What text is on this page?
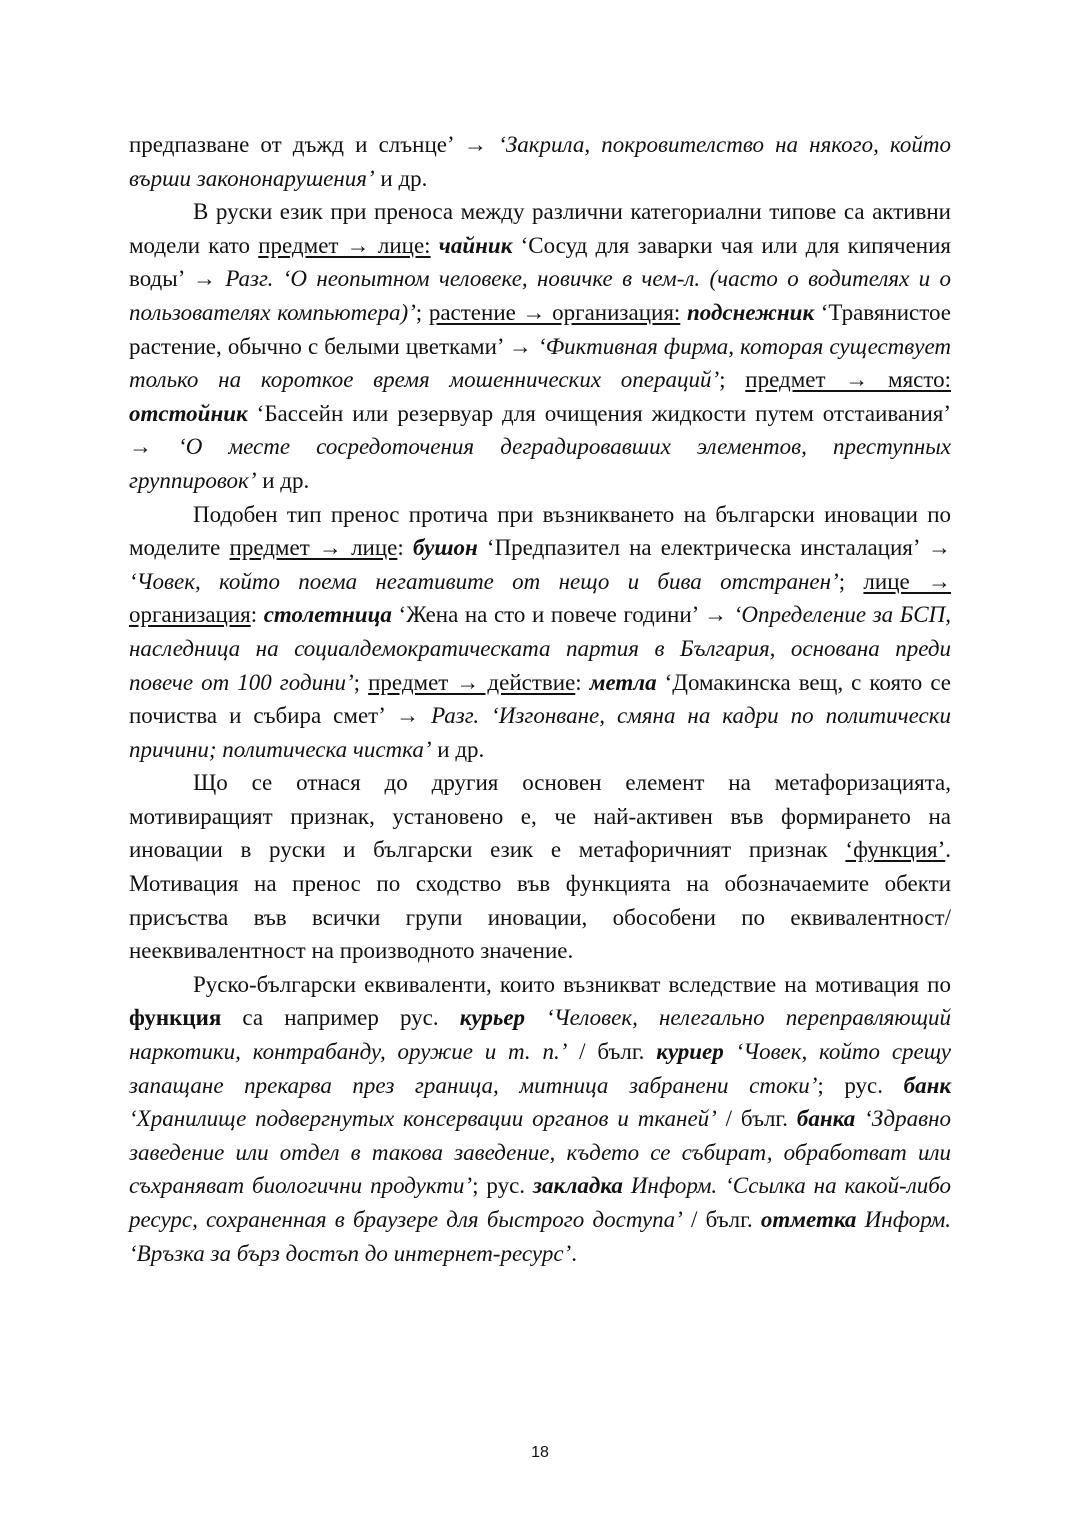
предпазване от дъжд и слънце’ → ‘Закрила, покровителство на някого, който върши закононарушения’ и др.

В руски език при преноса между различни категориални типове са активни модели като предмет → лице: чайник ‘Сосуд для заварки чая или для кипячения воды’ → Разг. ‘О неопытном человеке, новичке в чем-л. (часто о водителях и о пользователях компьютера)’; растение → организация: подснежник ‘Травянистое растение, обычно с белыми цветками’ → ‘Фиктивная фирма, которая существует только на короткое время мошеннических операций’; предмет → място: отстойник ‘Бассейн или резервуар для очищения жидкости путем отстаивания’ → ‘О месте сосредоточения деградировавших элементов, преступных группировок’ и др.

Подобен тип пренос протича при възникването на български иновации по моделите предмет → лице: бушон ‘Предпазител на електрическа инсталация’ → ‘Човек, който поема негативите от нещо и бива отстранен’; лице → организация: столетница ‘Жена на сто и повече години’ → ‘Определение за БСП, наследница на социалдемократическата партия в България, основана преди повече от 100 години’; предмет → действие: метла ‘Домакинска вещ, с която се почиства и събира смет’ → Разг. ‘Изгонване, смяна на кадри по политически причини; политическа чистка’ и др.

Що се отнася до другия основен елемент на метафоризацията, мотивиращият признак, установено е, че най-активен във формирането на иновации в руски и български език е метафоричният признак ‘функция’. Мотивация на пренос по сходство във функцията на обозначаемите обекти присъства във всички групи иновации, обособени по еквивалентност/нееквивалентност на производното значение.

Руско-български еквиваленти, които възникват вследствие на мотивация по функция са например рус. курьер ‘Человек, нелегально переправляющий наркотики, контрабанду, оружие и т. п.’ / бълг. куриер ‘Човек, който срещу запащане прекарва през граница, митница забранени стоки’; рус. банк ‘Хранилище подвергнутых консервации органов и тканей’ / бълг. банка ‘Здравно заведение или отдел в такова заведение, където се събират, обработват или съхраняват биологични продукти’; рус. закладка Информ. ‘Ссылка на какой-либо ресурс, сохраненная в браузере для быстрого доступа’ / бълг. отметка Информ. ‘Връзка за бърз достъп до интернет-ресурс’.

18
